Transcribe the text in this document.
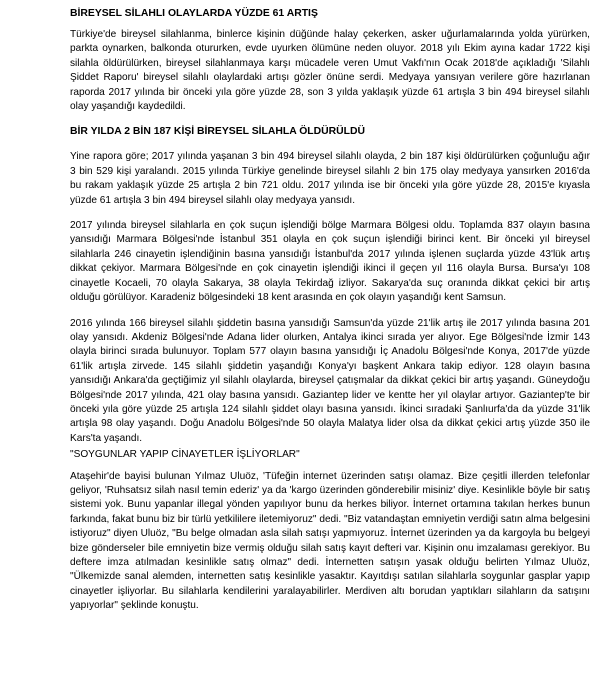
BİREYSEL SİLAHLI OLAYLARDA YÜZDE 61 ARTIŞ

Türkiye'de bireysel silahlanma, binlerce kişinin düğünde halay çekerken, asker uğurlamalarında yolda yürürken, parkta oynarken, balkonda otururken, evde uyurken ölümüne neden oluyor. 2018 yılı Ekim ayına kadar 1722 kişi silahla öldürülürken, bireysel silahlanmaya karşı mücadele veren Umut Vakfı'nın Ocak 2018'de açıkladığı 'Silahlı Şiddet Raporu' bireysel silahlı olaylardaki artışı gözler önüne serdi. Medyaya yansıyan verilere göre hazırlanan raporda 2017 yılında bir önceki yıla göre yüzde 28, son 3 yılda yaklaşık yüzde 61 artışla 3 bin 494 bireysel silahlı olay yaşandığı kaydedildi.

BİR YILDA 2 BİN 187 KİŞİ BİREYSEL SİLAHLA ÖLDÜRÜLDÜ

Yine rapora göre; 2017 yılında yaşanan 3 bin 494 bireysel silahlı olayda, 2 bin 187 kişi öldürülürken çoğunluğu ağır 3 bin 529 kişi yaralandı. 2015 yılında Türkiye genelinde bireysel silahlı 2 bin 175 olay medyaya yansırken 2016'da bu rakam yaklaşık yüzde 25 artışla 2 bin 721 oldu. 2017 yılında ise bir önceki yıla göre yüzde 28, 2015'e kıyasla yüzde 61 artışla 3 bin 494 bireysel silahlı olay medyaya yansıdı.

2017 yılında bireysel silahlarla en çok suçun işlendiği bölge Marmara Bölgesi oldu. Toplamda 837 olayın basına yansıdığı Marmara Bölgesi'nde İstanbul 351 olayla en çok suçun işlendiği birinci kent. Bir önceki yıl bireysel silahlarla 246 cinayetin işlendiğinin basına yansıdığı İstanbul'da 2017 yılında işlenen suçlarda yüzde 43'lük artış dikkat çekiyor. Marmara Bölgesi'nde en çok cinayetin işlendiği ikinci il geçen yıl 116 olayla Bursa. Bursa'yı 108 cinayetle Kocaeli, 70 olayla Sakarya, 38 olayla Tekirdağ izliyor. Sakarya'da suç oranında dikkat çekici bir artış olduğu görülüyor. Karadeniz bölgesindeki 18 kent arasında en çok olayın yaşandığı kent Samsun.

2016 yılında 166 bireysel silahlı şiddetin basına yansıdığı Samsun'da yüzde 21'lik artış ile 2017 yılında basına 201 olay yansıdı. Akdeniz Bölgesi'nde Adana lider olurken, Antalya ikinci sırada yer alıyor. Ege Bölgesi'nde İzmir 143 olayla birinci sırada bulunuyor. Toplam 577 olayın basına yansıdığı İç Anadolu Bölgesi'nde Konya, 2017'de yüzde 61'lik artışla zirvede. 145 silahlı şiddetin yaşandığı Konya'yı başkent Ankara takip ediyor. 128 olayın basına yansıdığı Ankara'da geçtiğimiz yıl silahlı olaylarda, bireysel çatışmalar da dikkat çekici bir artış yaşandı. Güneydoğu Bölgesi'nde 2017 yılında, 421 olay basına yansıdı. Gaziantep lider ve kentte her yıl olaylar artıyor. Gaziantep'te bir önceki yıla göre yüzde 25 artışla 124 silahlı şiddet olayı basına yansıdı. İkinci sıradaki Şanlıurfa'da da yüzde 31'lik artışla 98 olay yaşandı. Doğu Anadolu Bölgesi'nde 50 olayla Malatya lider olsa da dikkat çekici artış yüzde 350 ile Kars'ta yaşandı.

"SOYGUNLAR YAPIP CİNAYETLER İŞLİYORLAR"

Ataşehir'de bayisi bulunan Yılmaz Uluöz, 'Tüfeğin internet üzerinden satışı olamaz. Bize çeşitli illerden telefonlar geliyor, 'Ruhsatsız silah nasıl temin ederiz' ya da 'kargo üzerinden gönderebilir misiniz' diye. Kesinlikle böyle bir satış sistemi yok. Bunu yapanlar illegal yönden yapılıyor bunu da herkes biliyor. İnternet ortamına takılan herkes bunun farkında, fakat bunu biz bir türlü yetkililere iletemiyoruz" dedi. "Biz vatandaştan emniyetin verdiği satın alma belgesini istiyoruz" diyen Uluöz, "Bu belge olmadan asla silah satışı yapmıyoruz. İnternet üzerinden ya da kargoyla bu belgeyi bize gönderseler bile emniyetin bize vermiş olduğu silah satış kayıt defteri var. Kişinin onu imzalaması gerekiyor. Bu deftere imza atılmadan kesinlikle satış olmaz" dedi. İnternetten satışın yasak olduğu belirten Yılmaz Uluöz, "Ülkemizde sanal alemden, internetten satış kesinlikle yasaktır. Kayıtdışı satılan silahlarla soygunlar gasplar yapıp cinayetler işliyorlar. Bu silahlarla kendilerini yaralayabilirler. Merdiven altı borudan yaptıkları silahların da satışını yapıyorlar" şeklinde konuştu.
